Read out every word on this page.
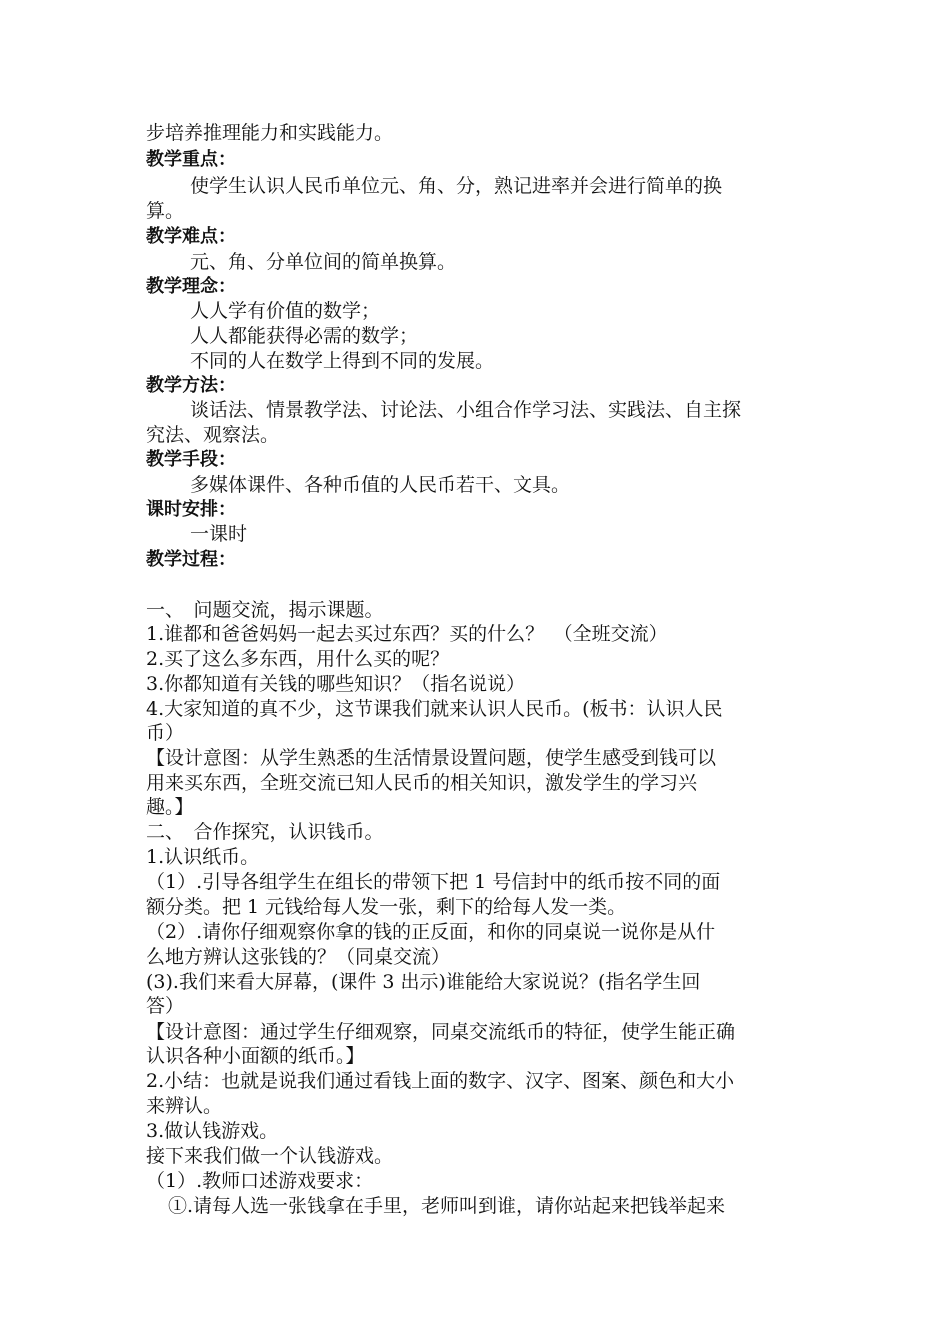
步培养推理能力和实践能力。
教学重点：
使学生认识人民币单位元、角、分，熟记进率并会进行简单的换
算。
教学难点：
元、角、分单位间的简单换算。
教学理念：
人人学有价值的数学；
人人都能获得必需的数学；
不同的人在数学上得到不同的发展。
教学方法：
谈话法、情景教学法、讨论法、小组合作学习法、实践法、自主探
究法、观察法。
教学手段：
多媒体课件、各种币值的人民币若干、文具。
课时安排：
一课时
教学过程：
一、　问题交流，揭示课题。
1.谁都和爸爸妈妈一起去买过东西？买的什么？　（全班交流）
2.买了这么多东西，用什么买的呢？
3.你都知道有关钱的哪些知识？（指名说说）
4.大家知道的真不少，这节课我们就来认识人民币。(板书：认识人民
币）
【设计意图：从学生熟悉的生活情景设置问题，使学生感受到钱可以
用来买东西，全班交流已知人民币的相关知识，激发学生的学习兴
趣。】
二、　合作探究，认识钱币。
1.认识纸币。
（1）.引导各组学生在组长的带领下把 1 号信封中的纸币按不同的面
额分类。把 1 元钱给每人发一张，剩下的给每人发一类。
（2）.请你仔细观察你拿的钱的正反面，和你的同桌说一说你是从什
么地方辨认这张钱的？（同桌交流）
(3).我们来看大屏幕，(课件 3 出示)谁能给大家说说？(指名学生回
答）
【设计意图：通过学生仔细观察，同桌交流纸币的特征，使学生能正确
认识各种小面额的纸币。】
2.小结：也就是说我们通过看钱上面的数字、汉字、图案、颜色和大小
来辨认。
3.做认钱游戏。
接下来我们做一个认钱游戏。
（1）.教师口述游戏要求：
①.请每人选一张钱拿在手里，老师叫到谁，请你站起来把钱举起来
